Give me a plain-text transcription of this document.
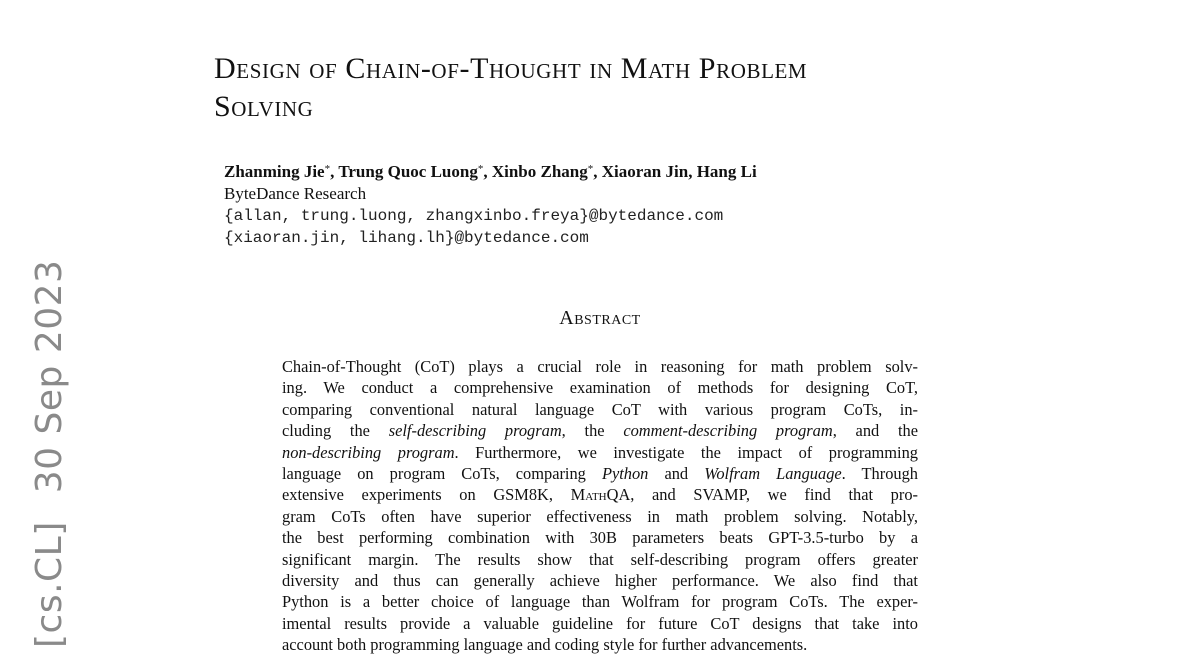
[cs.CL]30 Sep 2023
Design of Chain-of-Thought in Math Problem
Solving
Zhanming Jie*, Trung Quoc Luong*, Xinbo Zhang*, Xiaoran Jin, Hang Li
ByteDance Research
{allan, trung.luong, zhangxinbo.freya}@bytedance.com
{xiaoran.jin, lihang.lh}@bytedance.com
Abstract
Chain-of-Thought (CoT) plays a crucial role in reasoning for math problem solv-
ing. We conduct a comprehensive examination of methods for designing CoT,
comparing conventional natural language CoT with various program CoTs, in-
cluding the self-describing program, the comment-describing program, and the
non-describing program. Furthermore, we investigate the impact of programming
language on program CoTs, comparing Python and Wolfram Language. Through
extensive experiments on GSM8K, MathQA, and SVAMP, we find that pro-
gram CoTs often have superior effectiveness in math problem solving. Notably,
the best performing combination with 30B parameters beats GPT-3.5-turbo by a
significant margin. The results show that self-describing program offers greater
diversity and thus can generally achieve higher performance. We also find that
Python is a better choice of language than Wolfram for program CoTs. The exper-
imental results provide a valuable guideline for future CoT designs that take into
account both programming language and coding style for further advancements.
